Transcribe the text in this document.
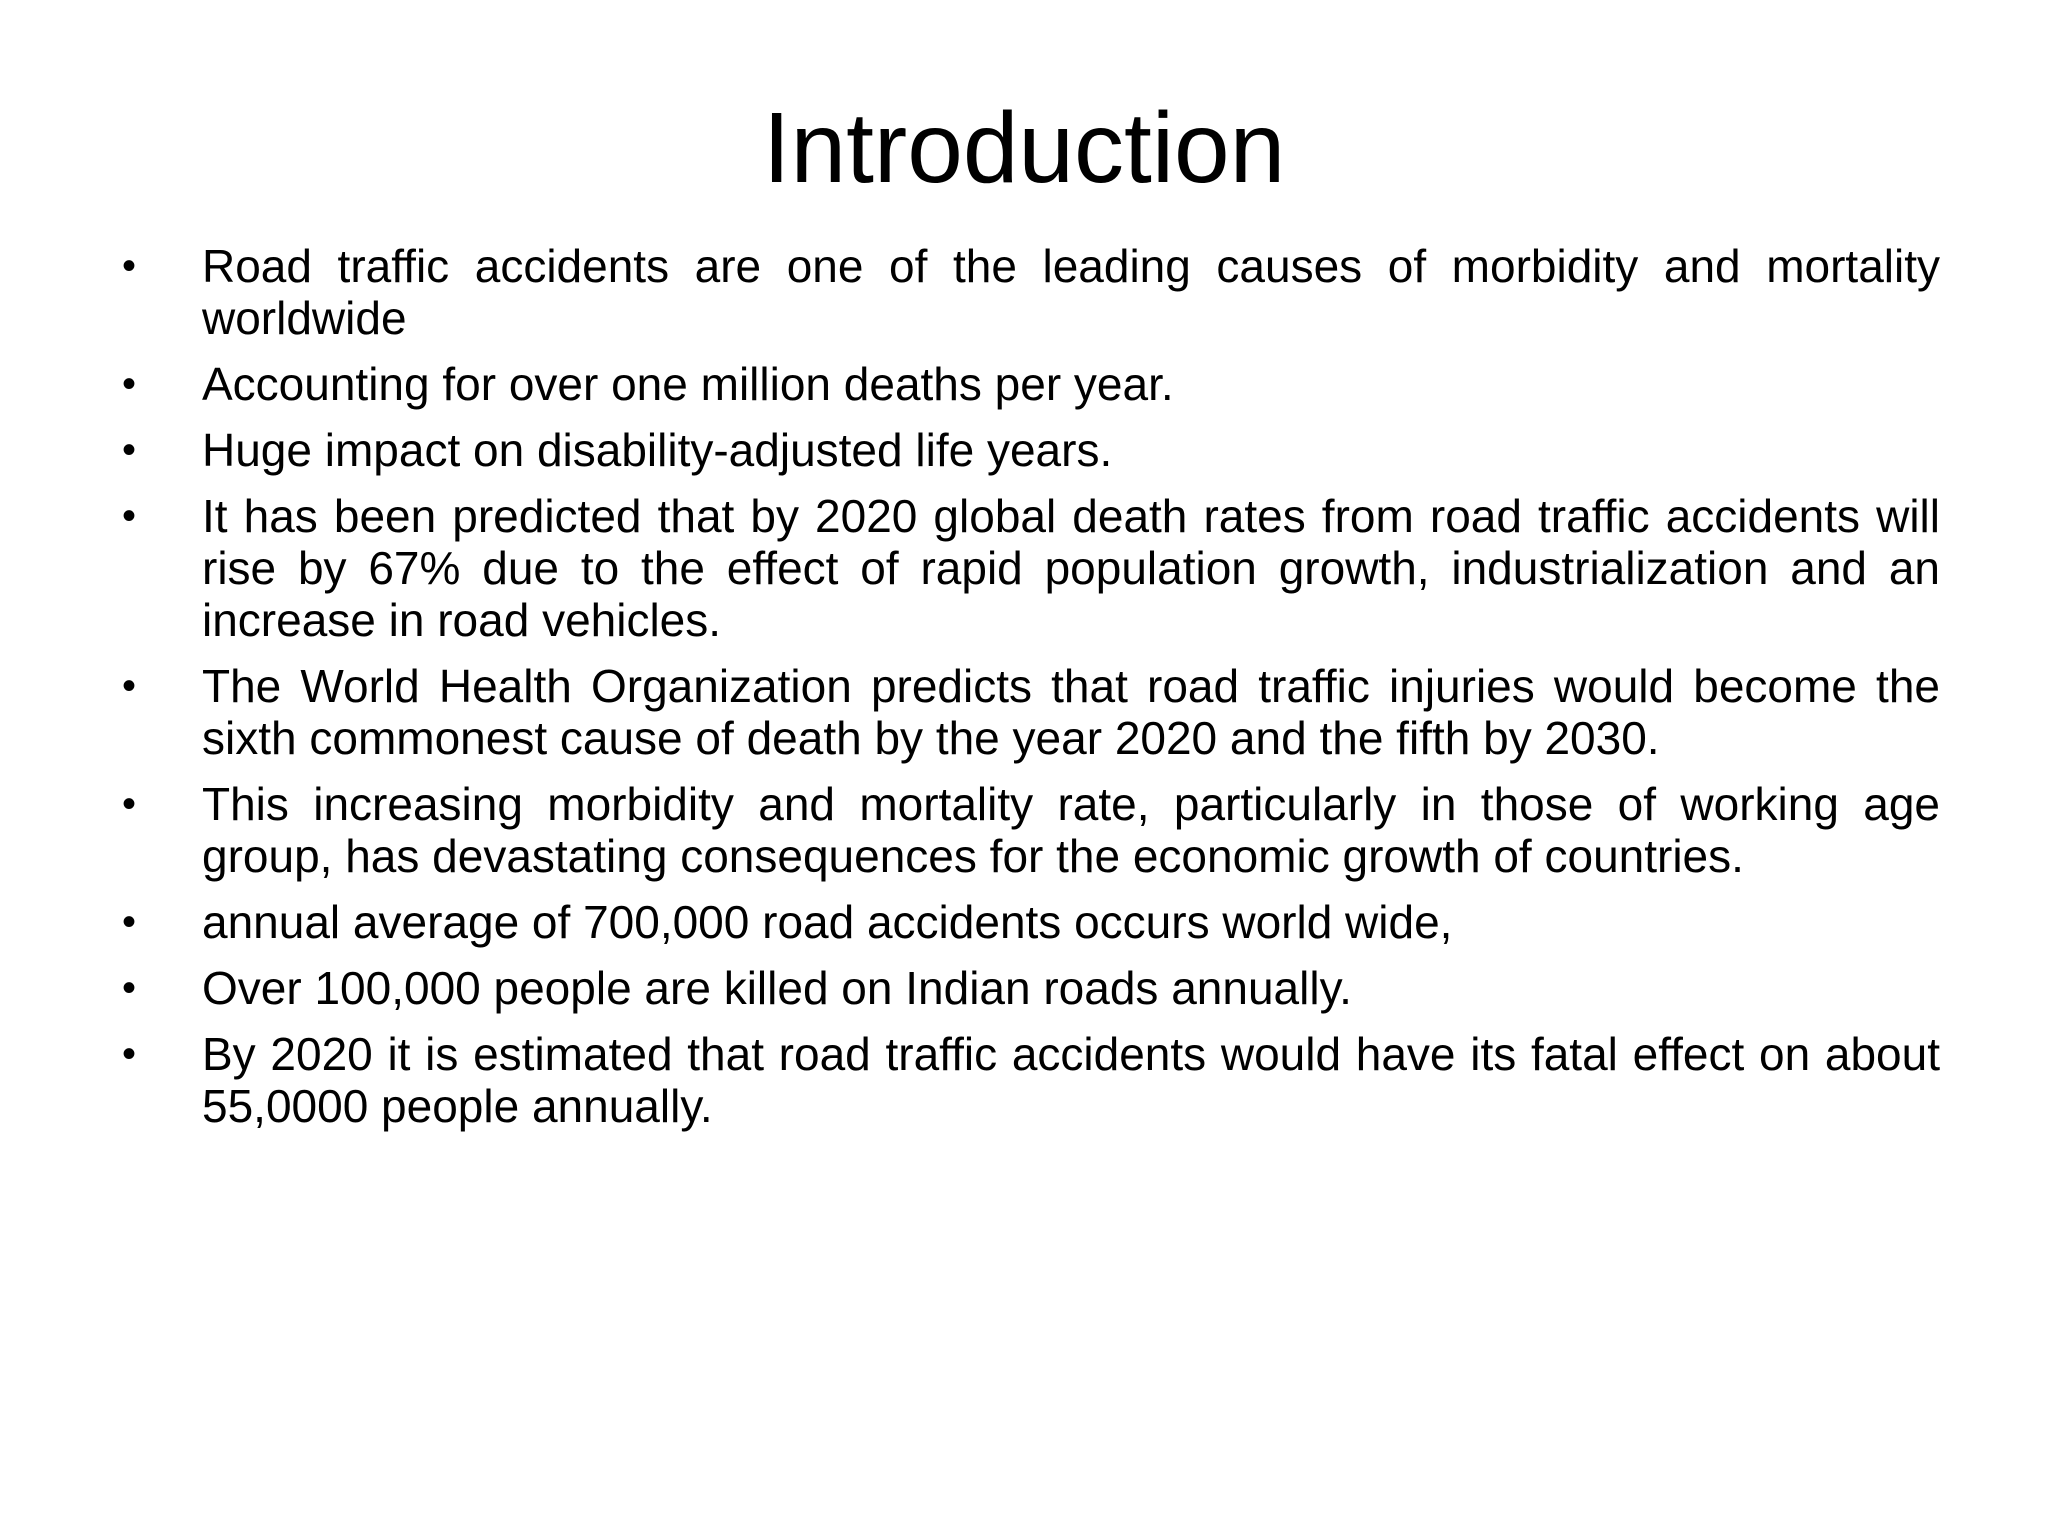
Introduction
•	Road traffic accidents are one of the leading causes of morbidity and mortality worldwide
•	Accounting for over one million deaths per year.
•	Huge impact on disability-adjusted life years.
•	It has been predicted that by 2020 global death rates from road traffic accidents will rise by 67% due to the effect of rapid population growth, industrialization and an increase in road vehicles.
•	The World Health Organization predicts that road traffic injuries would become the sixth commonest cause of death by the year 2020 and the fifth by 2030.
•	This increasing morbidity and mortality rate, particularly in those of working age group, has devastating consequences for the economic growth of countries.
•	annual average of 700,000 road accidents occurs world wide,
•	Over 100,000 people are killed on Indian roads annually.
•	By 2020 it is estimated that road traffic accidents would have its fatal effect on about 55,0000 people annually.
